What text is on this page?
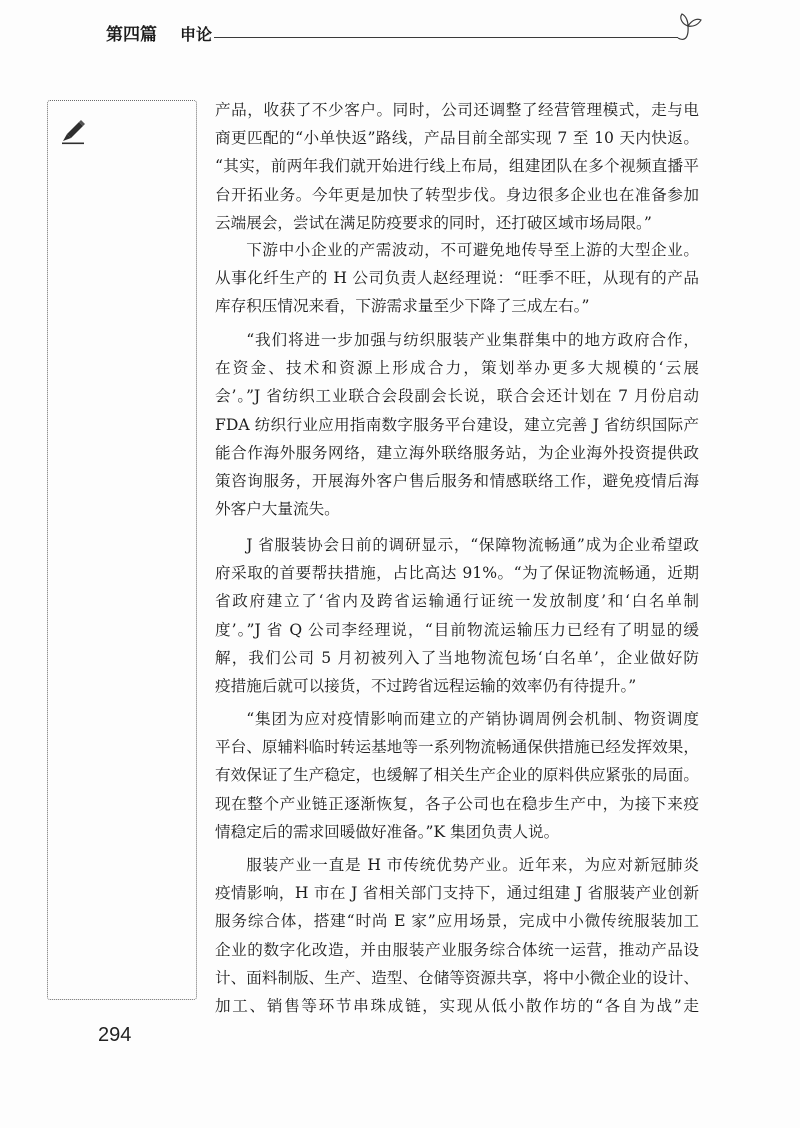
第四篇 申论
产品，收获了不少客户。同时，公司还调整了经营管理模式，走与电
商更匹配的“小单快返”路线，产品目前全部实现 7 至 10 天内快返。
“其实，前两年我们就开始进行线上布局，组建团队在多个视频直播平
台开拓业务。今年更是加快了转型步伐。身边很多企业也在准备参加
云端展会，尝试在满足防疫要求的同时，还打破区域市场局限。”
下游中小企业的产需波动，不可避免地传导至上游的大型企业。
从事化纤生产的 H 公司负责人赵经理说：“旺季不旺，从现有的产品
库存积压情况来看，下游需求量至少下降了三成左右。”
“我们将进一步加强与纺织服装产业集群集中的地方政府合作，
在资金、技术和资源上形成合力，策划举办更多大规模的‘云展
会’。”J 省纺织工业联合会段副会长说，联合会还计划在 7 月份启动
FDA 纺织行业应用指南数字服务平台建设，建立完善 J 省纺织国际产
能合作海外服务网络，建立海外联络服务站，为企业海外投资提供政
策咨询服务，开展海外客户售后服务和情感联络工作，避免疫情后海
外客户大量流失。
J 省服装协会日前的调研显示，“保障物流畅通”成为企业希望政
府采取的首要帮扶措施，占比高达 91%。“为了保证物流畅通，近期
省政府建立了‘省内及跨省运输通行证统一发放制度’和‘白名单制
度’。”J 省 Q 公司李经理说，“目前物流运输压力已经有了明显的缓
解，我们公司 5 月初被列入了当地物流包场‘白名单’，企业做好防
疫措施后就可以接货，不过跨省远程运输的效率仍有待提升。”
“集团为应对疫情影响而建立的产销协调周例会机制、物资调度
平台、原辅料临时转运基地等一系列物流畅通保供措施已经发挥效果，
有效保证了生产稳定，也缓解了相关生产企业的原料供应紧张的局面。
现在整个产业链正逐渐恢复，各子公司也在稳步生产中，为接下来疫
情稳定后的需求回暖做好准备。”K 集团负责人说。
服装产业一直是 H 市传统优势产业。近年来，为应对新冠肺炎
疫情影响，H 市在 J 省相关部门支持下，通过组建 J 省服装产业创新
服务综合体，搭建“时尚 E 家”应用场景，完成中小微传统服装加工
企业的数字化改造，并由服装产业服务综合体统一运营，推动产品设
计、面料制版、生产、造型、仓储等资源共享，将中小微企业的设计、
加工、销售等环节串珠成链，实现从低小散作坊的“各自为战”走
294
